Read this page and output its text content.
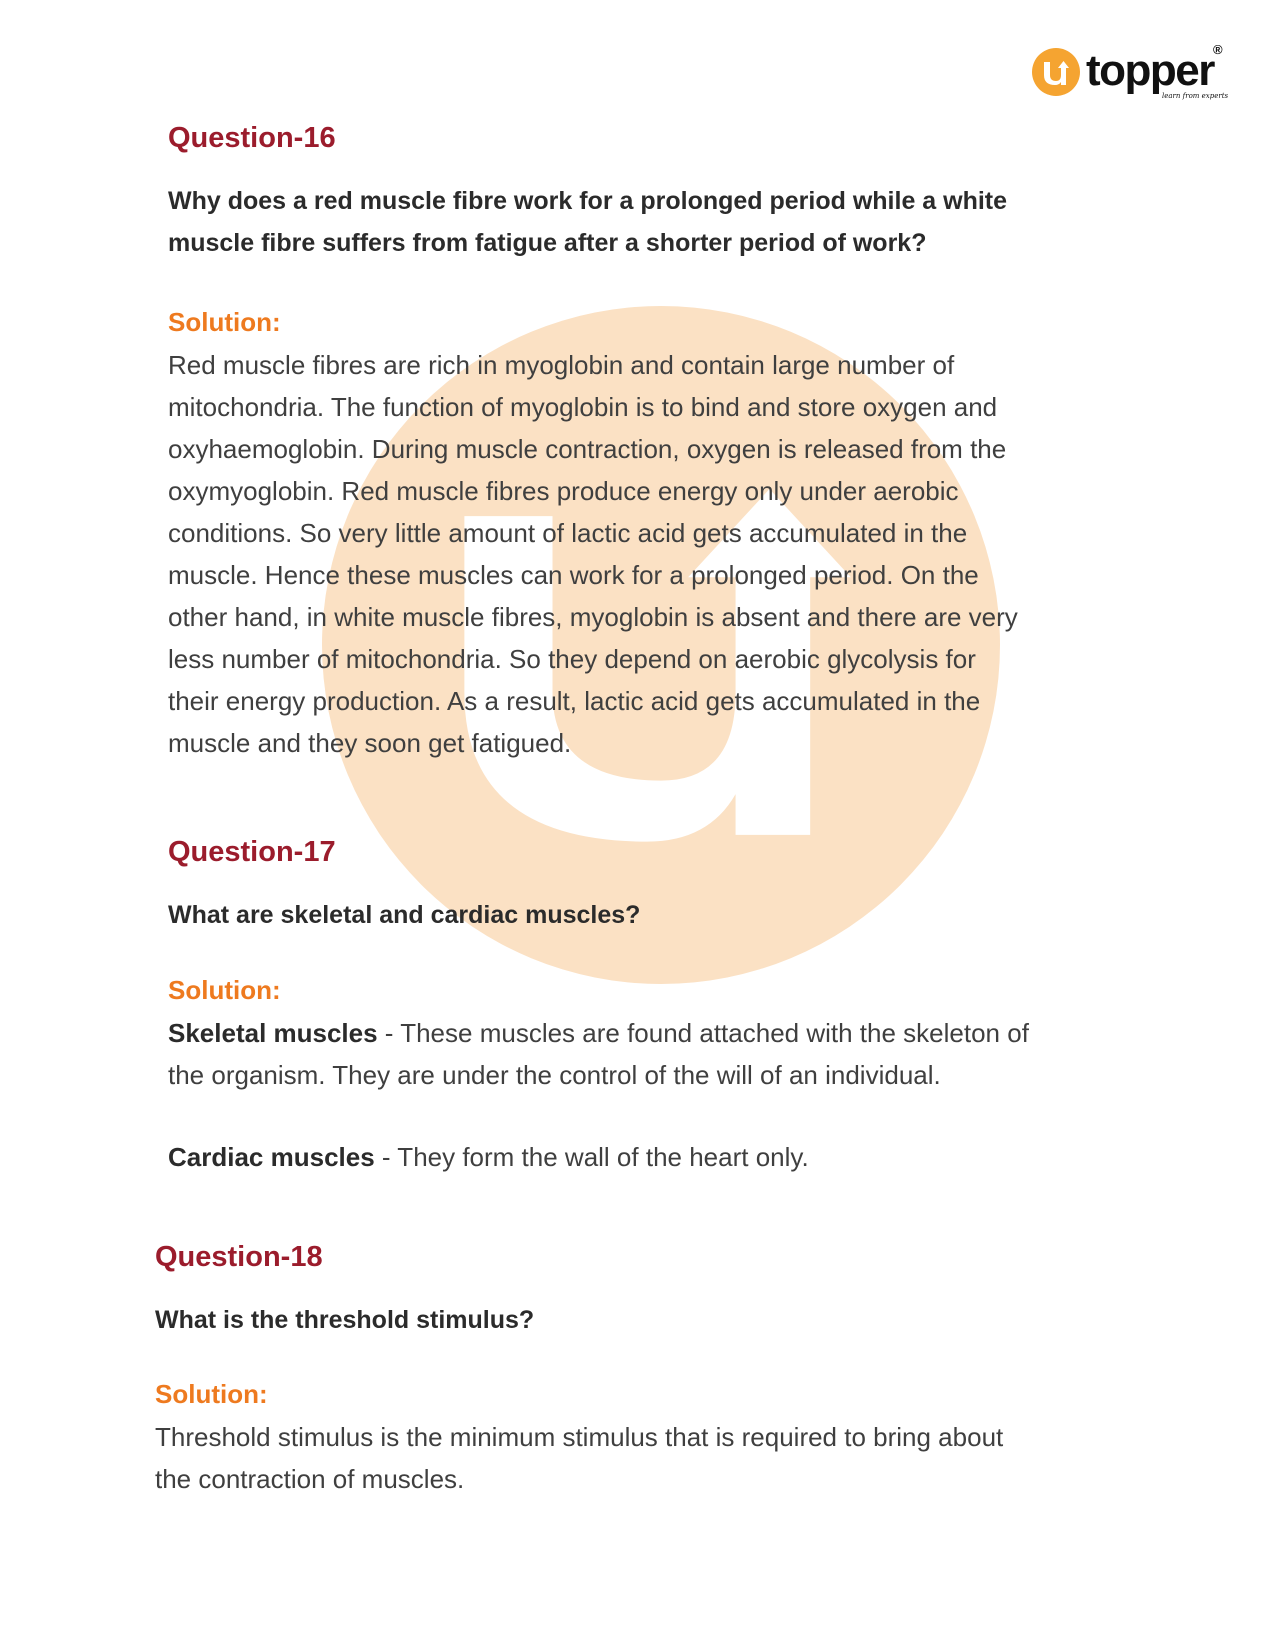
topper ®
learn from experts
Question-16

Why does a red muscle fibre work for a prolonged period while a white
muscle fibre suffers from fatigue after a shorter period of work?

Solution:

Red muscle fibres are rich in myoglobin and contain large number of
mitochondria. The function of myoglobin is to bind and store oxygen and
oxyhaemoglobin. During muscle contraction, oxygen is released from the
oxymyoglobin. Red muscle fibres produce energy only under aerobic
conditions. So very little amount of lactic acid gets accumulated in the
muscle. Hence these muscles can work for a prolonged period. On the
other hand, in white muscle fibres, myoglobin is absent and there are very
less number of mitochondria. So they depend on aerobic glycolysis for
their energy production. As a result, lactic acid gets accumulated in the
muscle and they soon get fatigued.

Question-17

What are skeletal and cardiac muscles?

Solution:

Skeletal muscles - These muscles are found attached with the skeleton of
the organism. They are under the control of the will of an individual.

Cardiac muscles - They form the wall of the heart only.

Question-18

What is the threshold stimulus?

Solution:

Threshold stimulus is the minimum stimulus that is required to bring about
the contraction of muscles.
